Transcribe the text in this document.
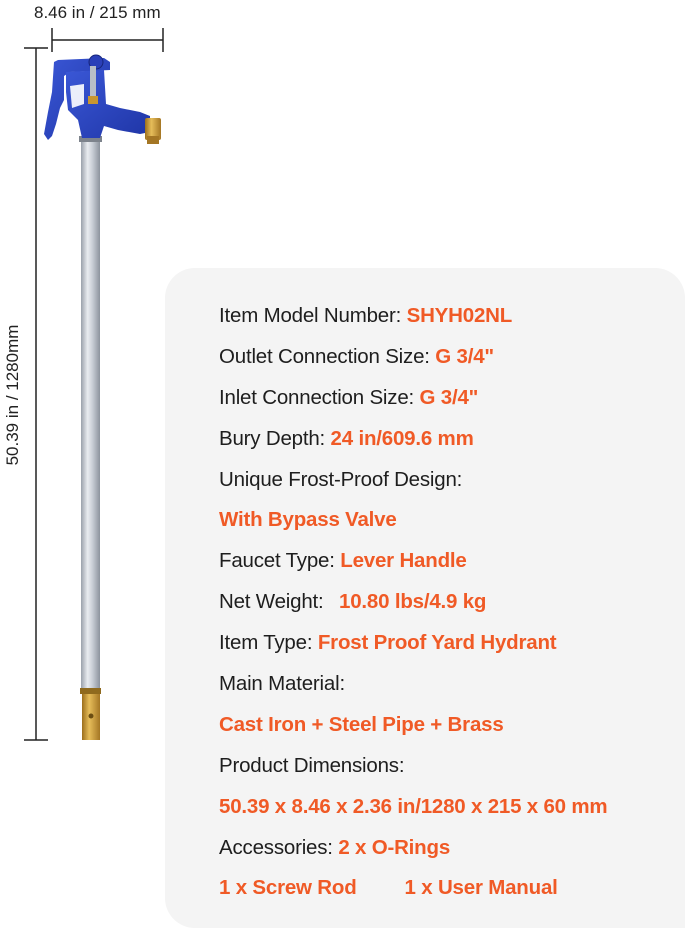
8.46 in / 215 mm
50.39 in / 1280mm
Item Model Number: SHYH02NL
Outlet Connection Size: G 3/4"
Inlet Connection Size: G 3/4"
Bury Depth: 24 in/609.6 mm
Unique Frost-Proof Design:
With Bypass Valve
Faucet Type: Lever Handle
Net Weight: 10.80 lbs/4.9 kg
Item Type: Frost Proof Yard Hydrant
Main Material:
Cast Iron + Steel Pipe + Brass
Product Dimensions:
50.39 x 8.46 x 2.36 in/1280 x 215 x 60 mm
Accessories: 2 x O-Rings
1 x Screw Rod 1 x User Manual
